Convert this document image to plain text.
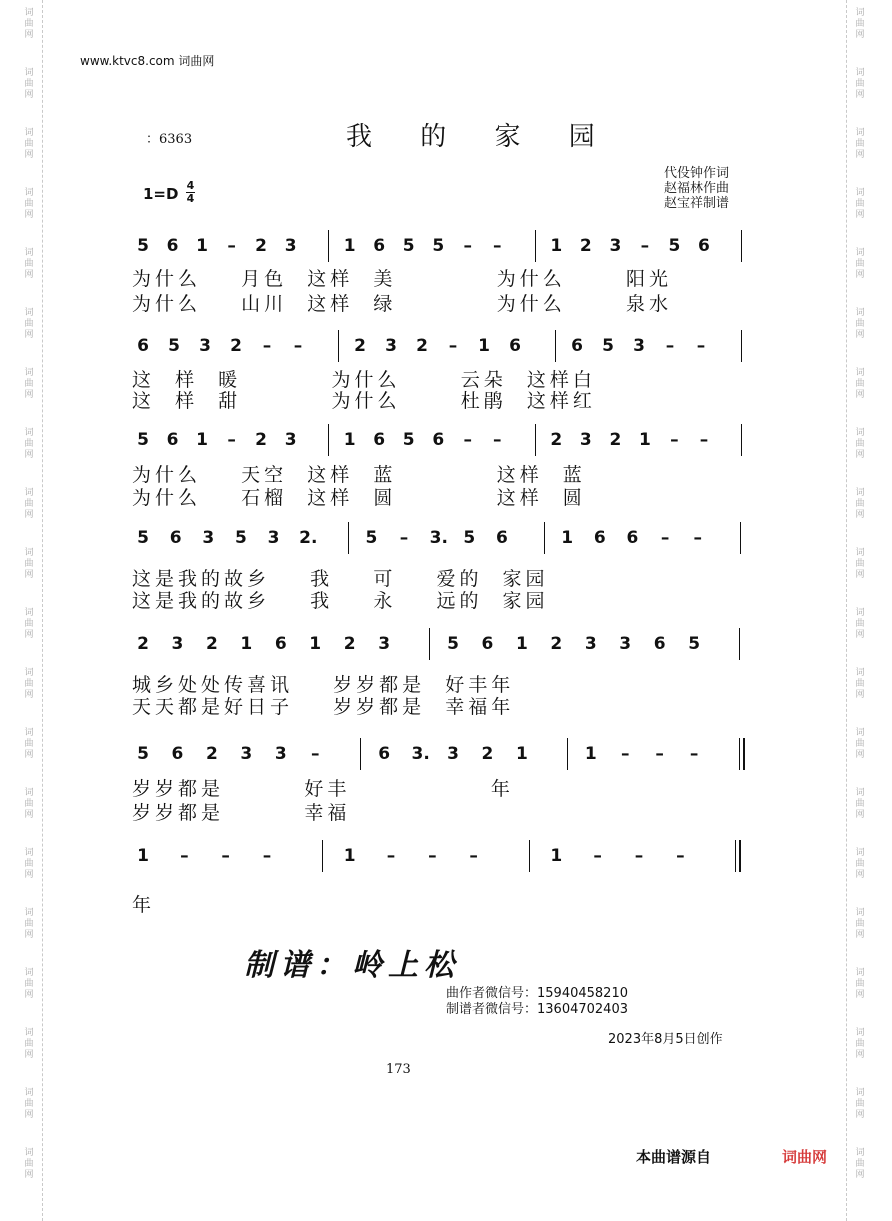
词
曲
网
词
曲
网
词
曲
网
词
曲
网
词
曲
网
词
曲
网
词
曲
网
词
曲
网
词
曲
网
词
曲
网
词
曲
网
词
曲
网
词
曲
网
词
曲
网
词
曲
网
词
曲
网
词
曲
网
词
曲
网
词
曲
网
词
曲
网
词
曲
网
词
曲
网
词
曲
网
词
曲
网
词
曲
网
词
曲
网
词
曲
网
词
曲
网
词
曲
网
词
曲
网
词
曲
网
词
曲
网
词
曲
网
词
曲
网
词
曲
网
词
曲
网
词
曲
网
词
曲
网
词
曲
网
词
曲
网
www.ktvc8.com 词曲网
：6363	我 的 家 园
1=D 4
4
代伇钟作词
赵福林作曲
赵宝祥制谱
5 6 1 – 2 3	1 6 5 5 – –	1 2 3 – 5 6
为什么    月色  这样  美          为什么      阳光
为什么    山川  这样  绿          为什么      泉水
6 5 3 2 – –	2 3 2 – 1 6	6 5 3 – –
这  样  暖         为什么      云朵  这样白
这  样  甜         为什么      杜鹃  这样红
5 6 1 – 2 3	1 6 5 6 – –	2 3 2 1 – –
为什么    天空  这样  蓝          这样  蓝
为什么    石榴  这样  圆          这样  圆
5 6 3 5 3 2.	5 – 3. 5 6	1 6 6 – –
这是我的故乡    我    可    爱的  家园
这是我的故乡    我    永    远的  家园
2 3 2 1 6 1 2 3	5 6 1 2 3 3 6 5
城乡处处传喜讯    岁岁都是  好丰年
天天都是好日子    岁岁都是  幸福年
5 6 2 3 3 –	6 3. 3 2 1	1 – – –
岁岁都是        好丰              年
岁岁都是        幸福
1 – – –	1 – – –	1 – – –
年
制谱：岭上松
曲作者微信号：15940458210
制谱者微信号：13604702403
2023年8月5日创作
173
本曲谱源自	词曲网
